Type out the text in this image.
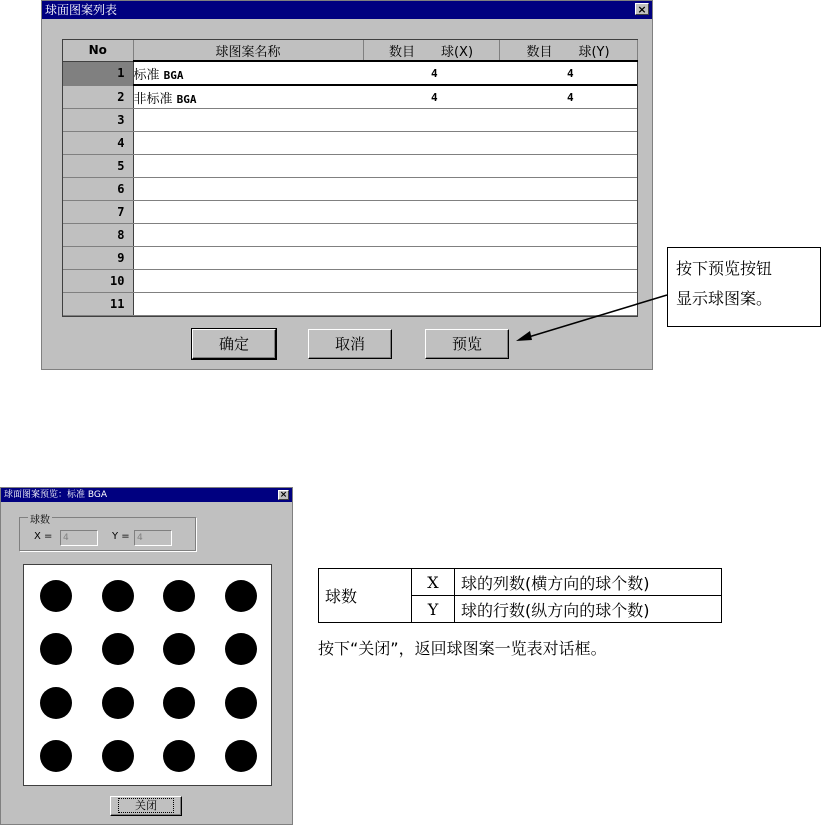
球面图案列表	×
No	球图案名称	数目　　球(X)		数目　　球(Y)	
1	标准 BGA		4		4
2	非标准 BGA		4		4
3					
4					
5					
6					
7					
8					
9					
10					
11					
确定	取消	预览
按下预览按钮
显示球图案。
球面图案预览：标准 BGA	×
球数
X =	4	Y = 4
关闭
球数	X	球的列数(横方向的球个数)
	Y	球的行数(纵方向的球个数)
按下“关闭”，返回球图案一览表对话框。
